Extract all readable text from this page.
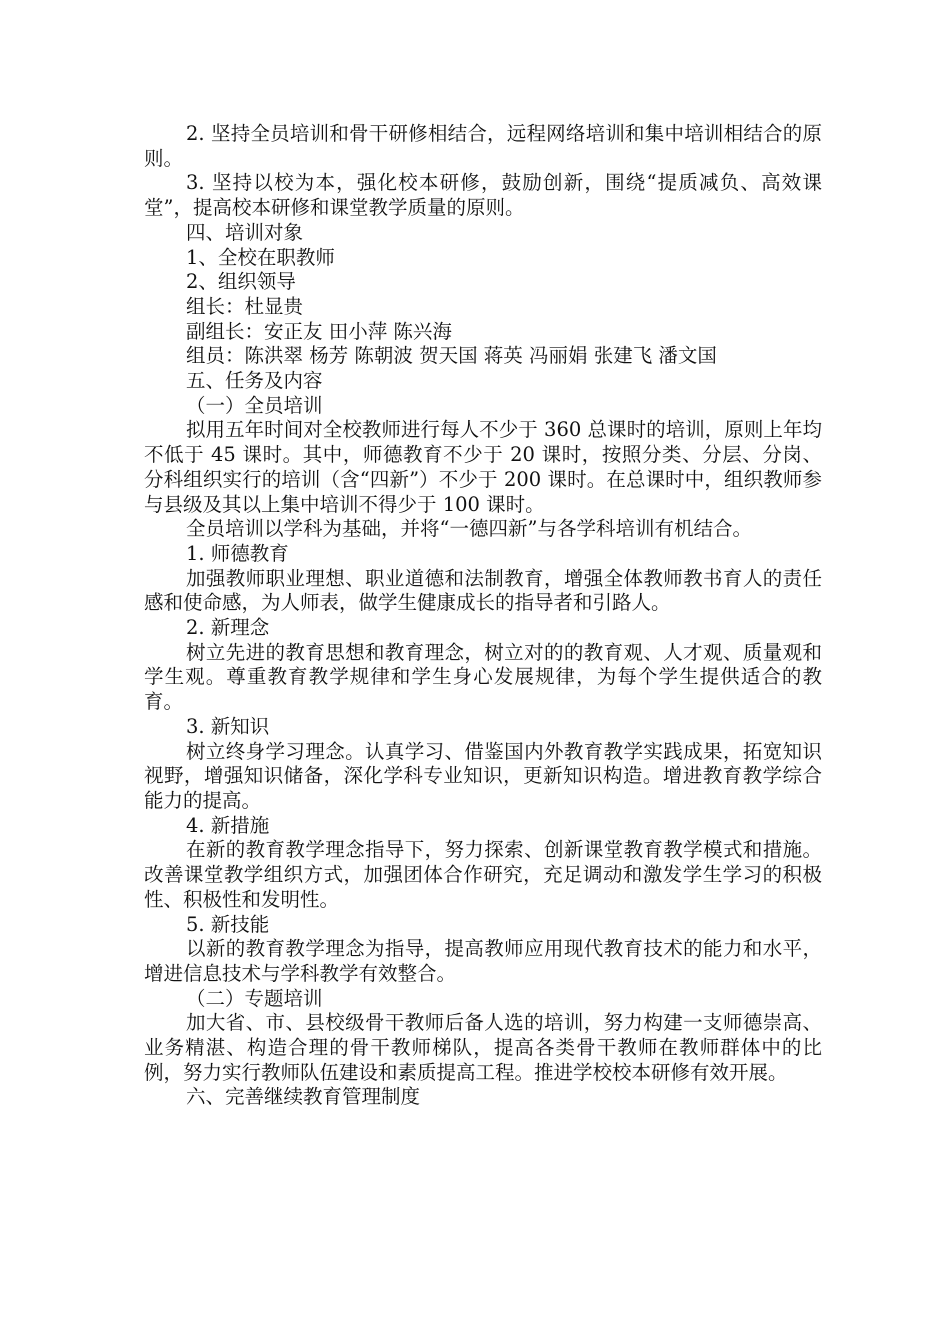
2. 坚持全员培训和骨干研修相结合，远程网络培训和集中培训相结合的原则。

3. 坚持以校为本，强化校本研修，鼓励创新，围绕“提质减负、高效课堂”，提高校本研修和课堂教学质量的原则。

四、培训对象

1、全校在职教师

2、组织领导

组长：杜显贵

副组长：安正友 田小萍 陈兴海

组员：陈洪翠 杨芳 陈朝波 贺天国 蒋英 冯丽娟 张建飞 潘文国

五、任务及内容

（一）全员培训

拟用五年时间对全校教师进行每人不少于 360 总课时的培训，原则上年均不低于 45 课时。其中，师德教育不少于 20 课时，按照分类、分层、分岗、分科组织实行的培训（含“四新”）不少于 200 课时。在总课时中，组织教师参与县级及其以上集中培训不得少于 100 课时。

全员培训以学科为基础，并将“一德四新”与各学科培训有机结合。

1. 师德教育

加强教师职业理想、职业道德和法制教育，增强全体教师教书育人的责任感和使命感，为人师表，做学生健康成长的指导者和引路人。

2. 新理念

树立先进的教育思想和教育理念，树立对的的教育观、人才观、质量观和学生观。尊重教育教学规律和学生身心发展规律，为每个学生提供适合的教育。

3. 新知识

树立终身学习理念。认真学习、借鉴国内外教育教学实践成果，拓宽知识视野，增强知识储备，深化学科专业知识，更新知识构造。增进教育教学综合能力的提高。

4. 新措施

在新的教育教学理念指导下，努力探索、创新课堂教育教学模式和措施。改善课堂教学组织方式，加强团体合作研究，充足调动和激发学生学习的积极性、积极性和发明性。

5. 新技能

以新的教育教学理念为指导，提高教师应用现代教育技术的能力和水平，增进信息技术与学科教学有效整合。

（二）专题培训

加大省、市、县校级骨干教师后备人选的培训，努力构建一支师德崇高、业务精湛、构造合理的骨干教师梯队，提高各类骨干教师在教师群体中的比例，努力实行教师队伍建设和素质提高工程。推进学校校本研修有效开展。

六、完善继续教育管理制度
